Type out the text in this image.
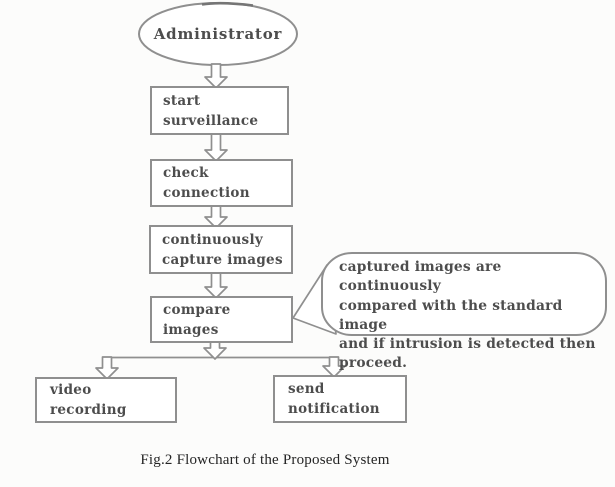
Administrator
start surveillance
check connection
continuously capture images
compare images
video recording
send notification
captured images are continuously
compared with the standard image
and if intrusion is detected then
proceed.
Fig.2 Flowchart of the Proposed System
